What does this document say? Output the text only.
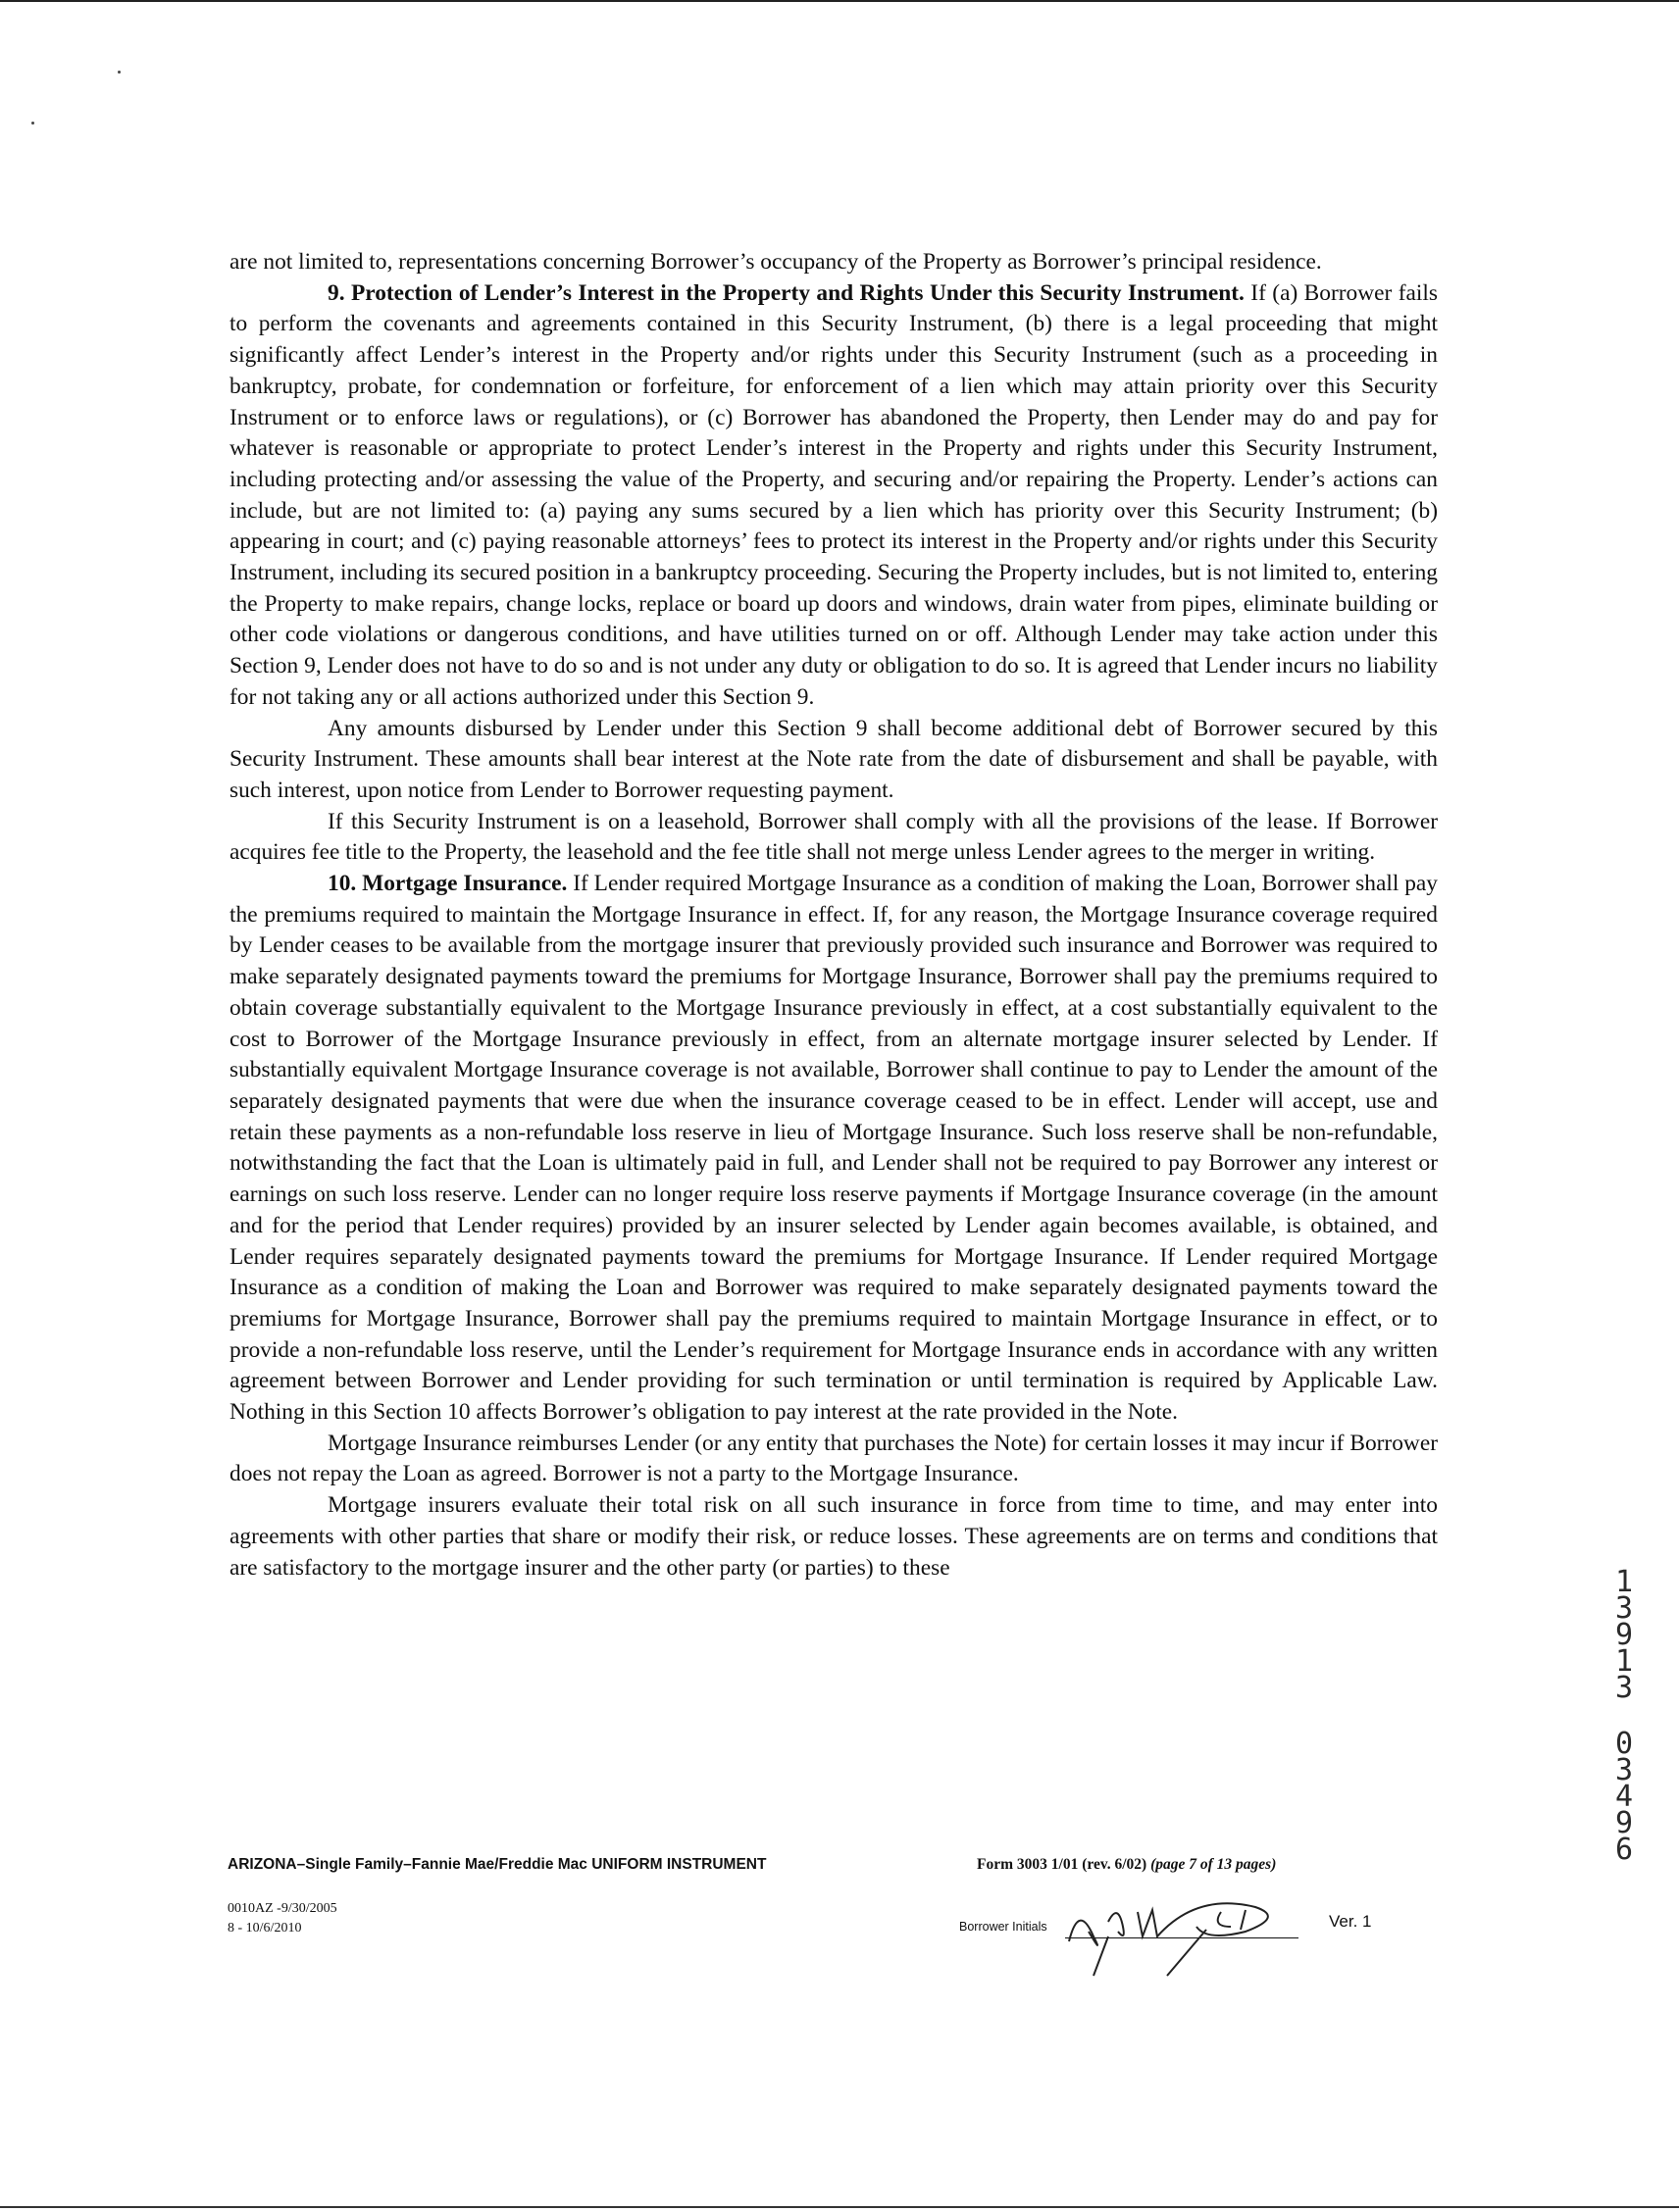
are not limited to, representations concerning Borrower’s occupancy of the Property as Borrower’s principal residence.

9. Protection of Lender’s Interest in the Property and Rights Under this Security Instrument. If (a) Borrower fails to perform the covenants and agreements contained in this Security Instrument, (b) there is a legal proceeding that might significantly affect Lender’s interest in the Property and/or rights under this Security Instrument (such as a proceeding in bankruptcy, probate, for condemnation or forfeiture, for enforcement of a lien which may attain priority over this Security Instrument or to enforce laws or regulations), or (c) Borrower has abandoned the Property, then Lender may do and pay for whatever is reasonable or appropriate to protect Lender’s interest in the Property and rights under this Security Instrument, including protecting and/or assessing the value of the Property, and securing and/or repairing the Property. Lender’s actions can include, but are not limited to: (a) paying any sums secured by a lien which has priority over this Security Instrument; (b) appearing in court; and (c) paying reasonable attorneys’ fees to protect its interest in the Property and/or rights under this Security Instrument, including its secured position in a bankruptcy proceeding. Securing the Property includes, but is not limited to, entering the Property to make repairs, change locks, replace or board up doors and windows, drain water from pipes, eliminate building or other code violations or dangerous conditions, and have utilities turned on or off. Although Lender may take action under this Section 9, Lender does not have to do so and is not under any duty or obligation to do so. It is agreed that Lender incurs no liability for not taking any or all actions authorized under this Section 9.

Any amounts disbursed by Lender under this Section 9 shall become additional debt of Borrower secured by this Security Instrument. These amounts shall bear interest at the Note rate from the date of disbursement and shall be payable, with such interest, upon notice from Lender to Borrower requesting payment.

If this Security Instrument is on a leasehold, Borrower shall comply with all the provisions of the lease. If Borrower acquires fee title to the Property, the leasehold and the fee title shall not merge unless Lender agrees to the merger in writing.

10. Mortgage Insurance. If Lender required Mortgage Insurance as a condition of making the Loan, Borrower shall pay the premiums required to maintain the Mortgage Insurance in effect. If, for any reason, the Mortgage Insurance coverage required by Lender ceases to be available from the mortgage insurer that previously provided such insurance and Borrower was required to make separately designated payments toward the premiums for Mortgage Insurance, Borrower shall pay the premiums required to obtain coverage substantially equivalent to the Mortgage Insurance previously in effect, at a cost substantially equivalent to the cost to Borrower of the Mortgage Insurance previously in effect, from an alternate mortgage insurer selected by Lender. If substantially equivalent Mortgage Insurance coverage is not available, Borrower shall continue to pay to Lender the amount of the separately designated payments that were due when the insurance coverage ceased to be in effect. Lender will accept, use and retain these payments as a non-refundable loss reserve in lieu of Mortgage Insurance. Such loss reserve shall be non-refundable, notwithstanding the fact that the Loan is ultimately paid in full, and Lender shall not be required to pay Borrower any interest or earnings on such loss reserve. Lender can no longer require loss reserve payments if Mortgage Insurance coverage (in the amount and for the period that Lender requires) provided by an insurer selected by Lender again becomes available, is obtained, and Lender requires separately designated payments toward the premiums for Mortgage Insurance. If Lender required Mortgage Insurance as a condition of making the Loan and Borrower was required to make separately designated payments toward the premiums for Mortgage Insurance, Borrower shall pay the premiums required to maintain Mortgage Insurance in effect, or to provide a non-refundable loss reserve, until the Lender’s requirement for Mortgage Insurance ends in accordance with any written agreement between Borrower and Lender providing for such termination or until termination is required by Applicable Law. Nothing in this Section 10 affects Borrower’s obligation to pay interest at the rate provided in the Note.

Mortgage Insurance reimburses Lender (or any entity that purchases the Note) for certain losses it may incur if Borrower does not repay the Loan as agreed. Borrower is not a party to the Mortgage Insurance.

Mortgage insurers evaluate their total risk on all such insurance in force from time to time, and may enter into agreements with other parties that share or modify their risk, or reduce losses. These agreements are on terms and conditions that are satisfactory to the mortgage insurer and the other party (or parties) to these	1
3
9
1
3
0
3
4
9
6
ARIZONA–Single Family–Fannie Mae/Freddie Mac UNIFORM INSTRUMENT	Form 3003 1/01 (rev. 6/02) (page 7 of 13 pages)
0010AZ -9/30/2005
8 - 10/6/2010	Borrower Initials	Ver. 1
